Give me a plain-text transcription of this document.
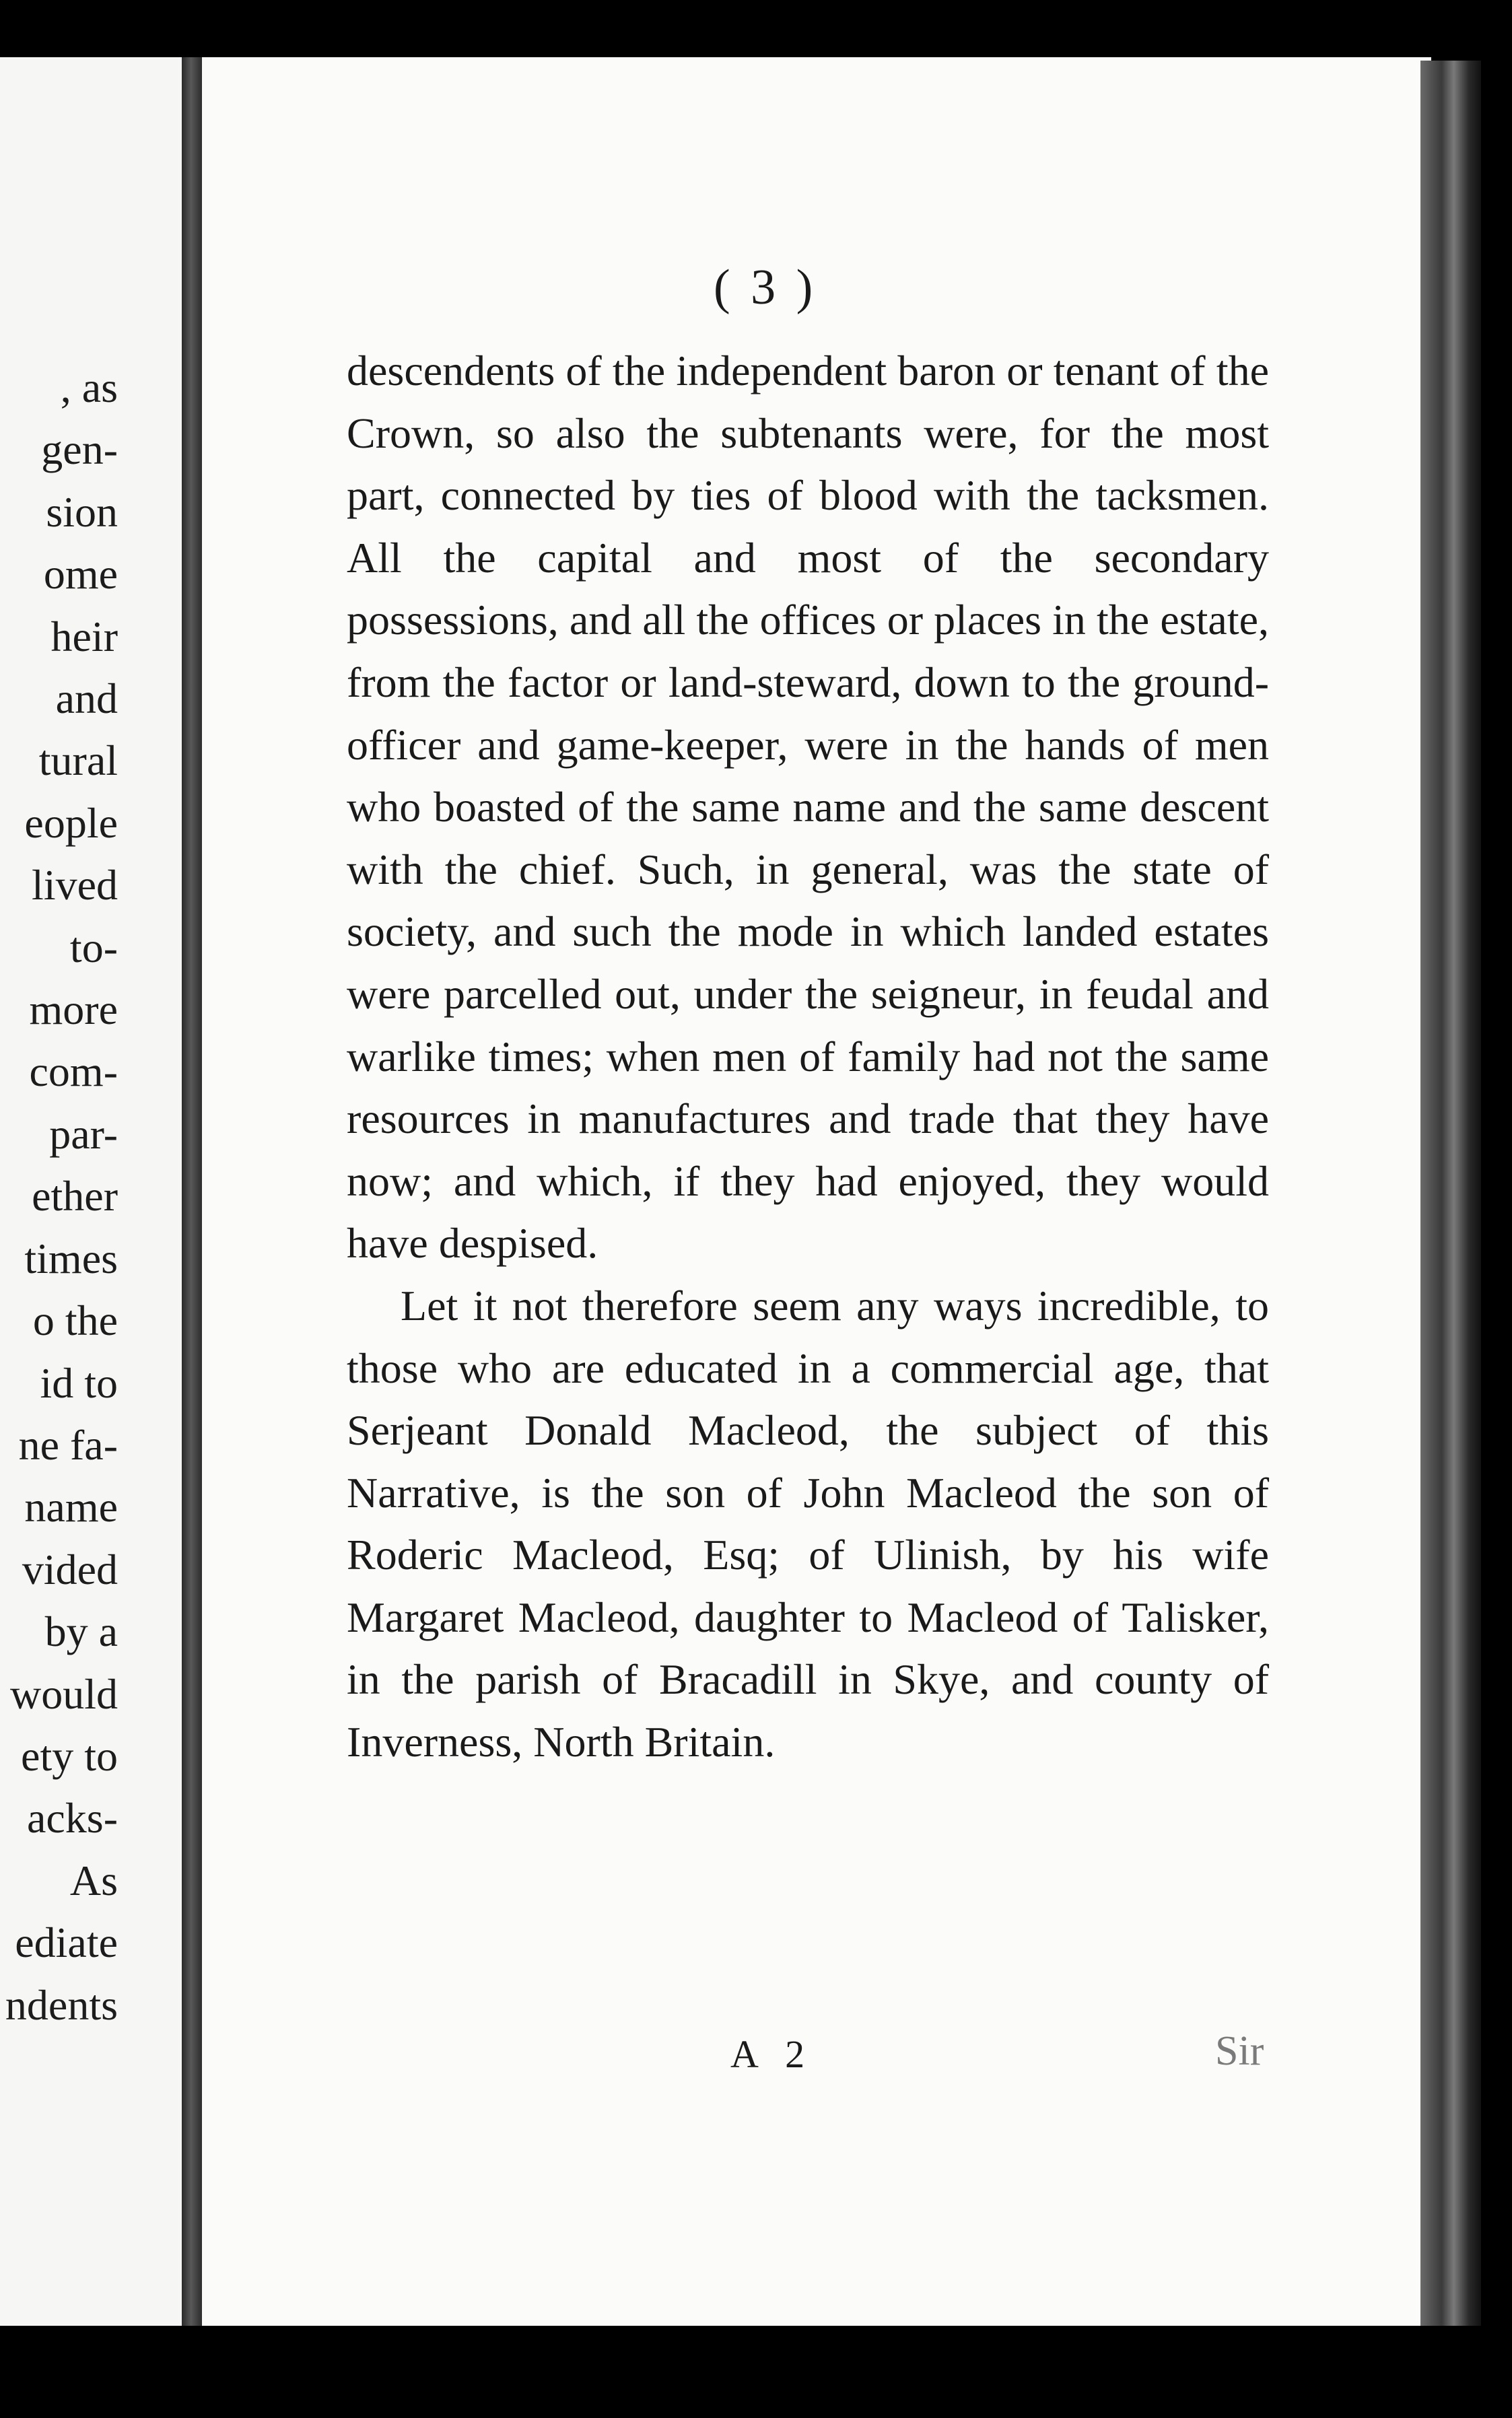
, as
gen-
sion
ome
heir
and
tural
eople
lived
to-
more
com-
par-
ether
times
o the
id to
ne fa-
name
vided
by a
would
ety to
acks-
As
ediate
ndents
( 3 )

descendents of the independent baron or tenant of the Crown, so also the subtenants were, for the most part, connected by ties of blood with the tacksmen. All the capital and most of the secondary possessions, and all the offices or places in the estate, from the factor or land-steward, down to the ground-officer and game-keeper, were in the hands of men who boasted of the same name and the same descent with the chief. Such, in general, was the state of society, and such the mode in which landed estates were parcelled out, under the seigneur, in feudal and warlike times; when men of family had not the same resources in manufactures and trade that they have now; and which, if they had enjoyed, they would have despised.

Let it not therefore seem any ways incredible, to those who are educated in a commercial age, that Serjeant Donald Macleod, the subject of this Narrative, is the son of John Macleod the son of Roderic Macleod, Esq; of Ulinish, by his wife Margaret Macleod, daughter to Macleod of Talisker, in the parish of Bracadill in Skye, and county of Inverness, North Britain.

A 2	Sir
